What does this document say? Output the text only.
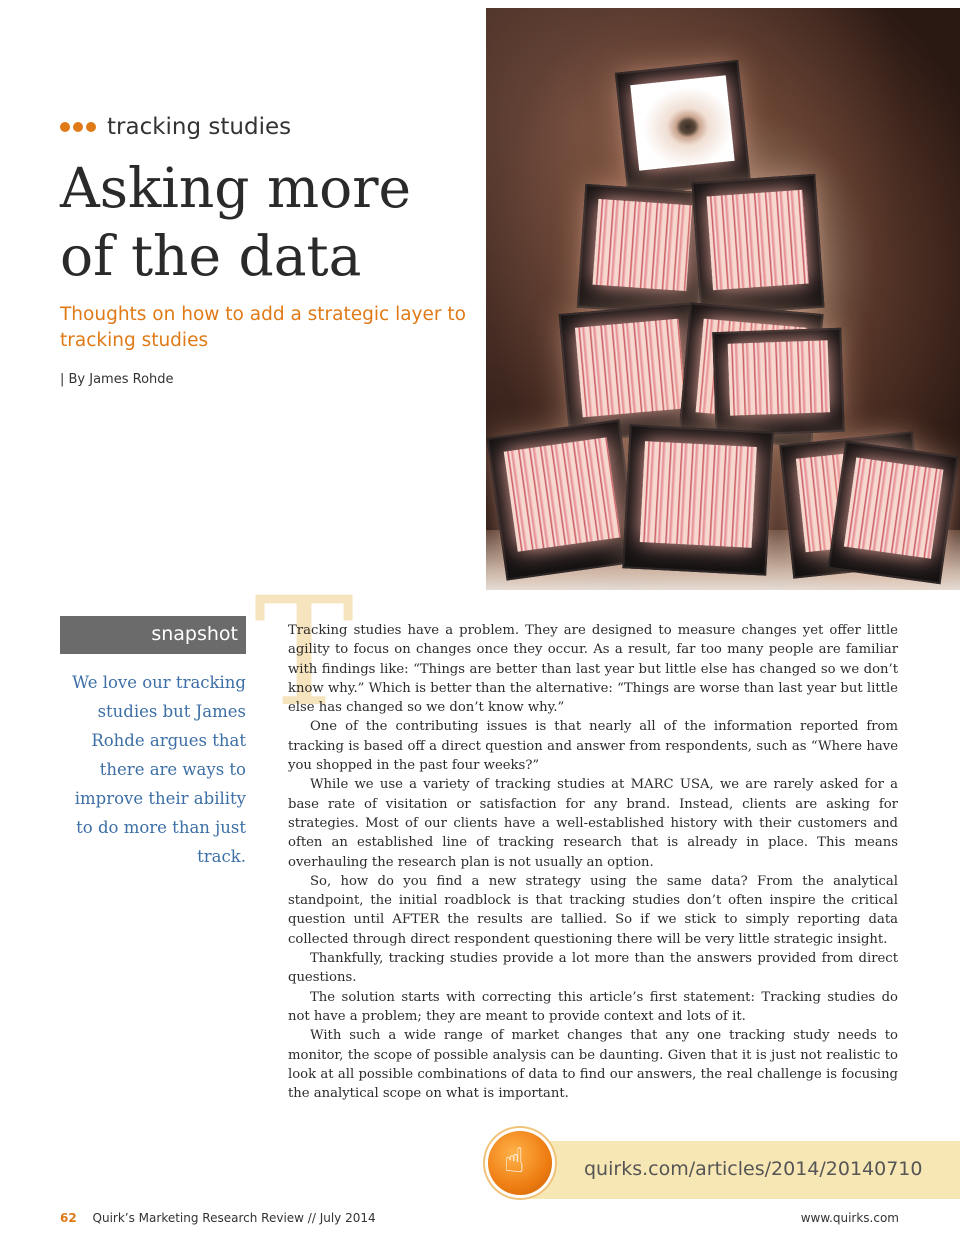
tracking studies
Asking more of the data
Thoughts on how to add a strategic layer to tracking studies
| By James Rohde
snapshot
We love our tracking studies but James Rohde argues that there are ways to improve their ability to do more than just track.
T

Tracking studies have a problem. They are designed to measure changes yet offer little agility to focus on changes once they occur. As a result, far too many people are familiar with findings like: “Things are better than last year but little else has changed so we don’t know why.” Which is better than the alternative: “Things are worse than last year but little else has changed so we don’t know why.”

One of the contributing issues is that nearly all of the information reported from tracking is based off a direct question and answer from respondents, such as “Where have you shopped in the past four weeks?”

While we use a variety of tracking studies at MARC USA, we are rarely asked for a base rate of visitation or satisfaction for any brand. Instead, clients are asking for strategies. Most of our clients have a well-established history with their customers and often an established line of tracking research that is already in place. This means overhauling the research plan is not usually an option.

So, how do you find a new strategy using the same data? From the analytical standpoint, the initial roadblock is that tracking studies don’t often inspire the critical question until AFTER the results are tallied. So if we stick to simply reporting data collected through direct respondent questioning there will be very little strategic insight.

Thankfully, tracking studies provide a lot more than the answers provided from direct questions.

The solution starts with correcting this article’s first statement: Tracking studies do not have a problem; they are meant to provide context and lots of it.

With such a wide range of market changes that any one tracking study needs to monitor, the scope of possible analysis can be daunting. Given that it is just not realistic to look at all possible combinations of data to find our answers, the real challenge is focusing the analytical scope on what is important.

☝	quirks.com/articles/2014/20140710
62 Quirk’s Marketing Research Review // July 2014	www.quirks.com
